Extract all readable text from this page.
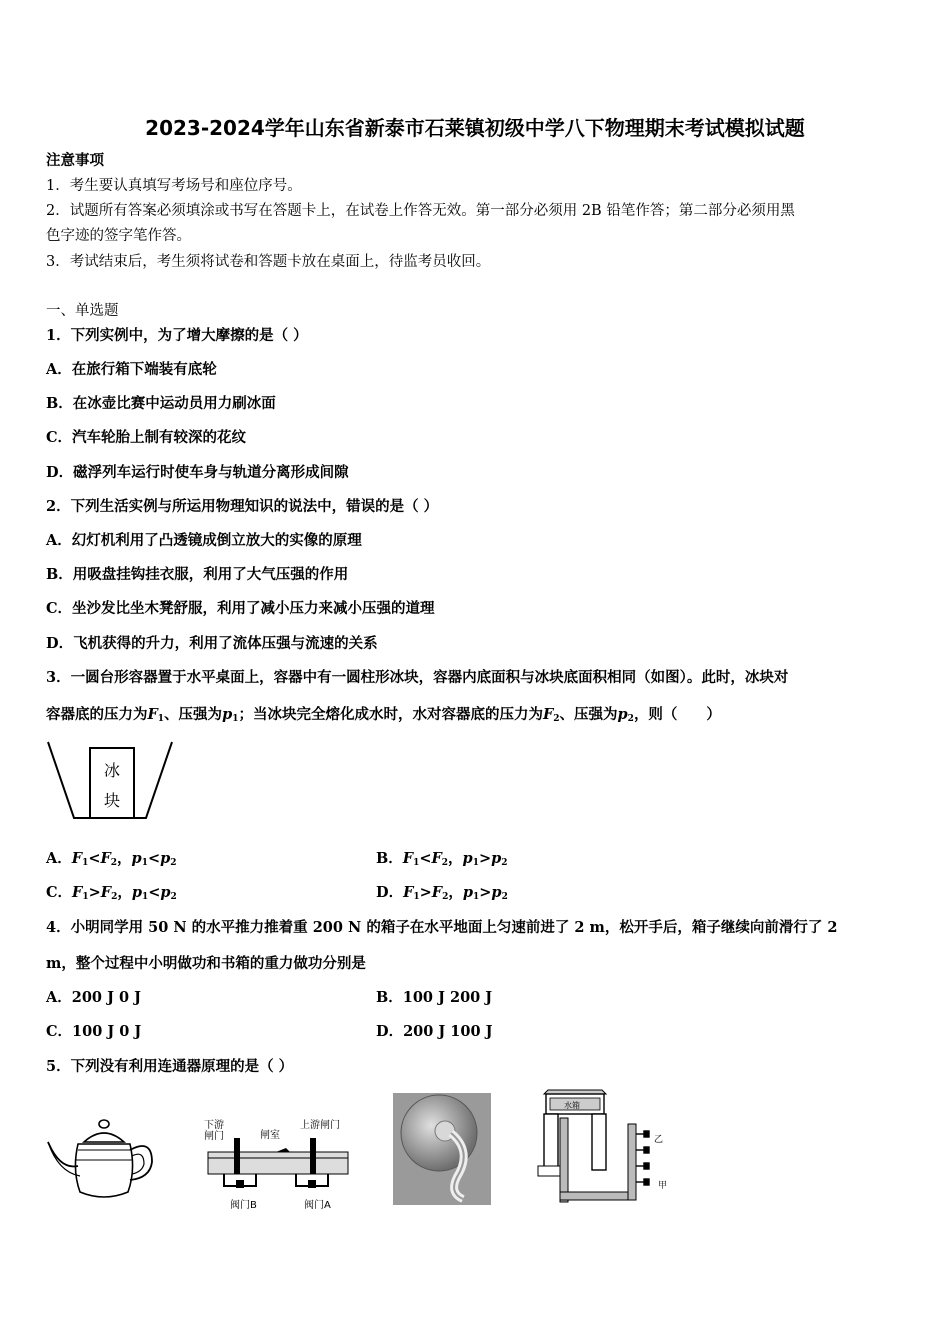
2023-2024学年山东省新泰市石莱镇初级中学八下物理期末考试模拟试题
注意事项
1．考生要认真填写考场号和座位序号。
2．试题所有答案必须填涂或书写在答题卡上，在试卷上作答无效。第一部分必须用 2B 铅笔作答；第二部分必须用黑
色字迹的签字笔作答。
3．考试结束后，考生须将试卷和答题卡放在桌面上，待监考员收回。
一、单选题
1．下列实例中，为了增大摩擦的是（ ）
A．在旅行箱下端装有底轮
B．在冰壶比赛中运动员用力刷冰面
C．汽车轮胎上制有较深的花纹
D．磁浮列车运行时使车身与轨道分离形成间隙
2．下列生活实例与所运用物理知识的说法中，错误的是（ ）
A．幻灯机利用了凸透镜成倒立放大的实像的原理
B．用吸盘挂钩挂衣服，利用了大气压强的作用
C．坐沙发比坐木凳舒服，利用了减小压力来减小压强的道理
D．飞机获得的升力，利用了流体压强与流速的关系
3．一圆台形容器置于水平桌面上，容器中有一圆柱形冰块，容器内底面积与冰块底面积相同（如图）。此时，冰块对
容器底的压力为$F_1$、压强为$p_1$；当冰块完全熔化成水时，水对容器底的压力为$F_2$、压强为$p_2$，则（　　）
冰
块
A．$F_1<F_2$，$p_1<p_2$	B．$F_1<F_2$，$p_1>p_2$
C．$F_1>F_2$，$p_1<p_2$	D．$F_1>F_2$，$p_1>p_2$
4．小明同学用 50 N 的水平推力推着重 200 N 的箱子在水平地面上匀速前进了 2 m，松开手后，箱子继续向前滑行了 2
m，整个过程中小明做功和书箱的重力做功分别是
A．200 J 0 J	B．100 J 200 J
C．100 J 0 J	D．200 J 100 J
5．下列没有利用连通器原理的是（ ）
下游闸门	闸室
上游闸门
阀门B	阀门A
水箱
乙
甲
